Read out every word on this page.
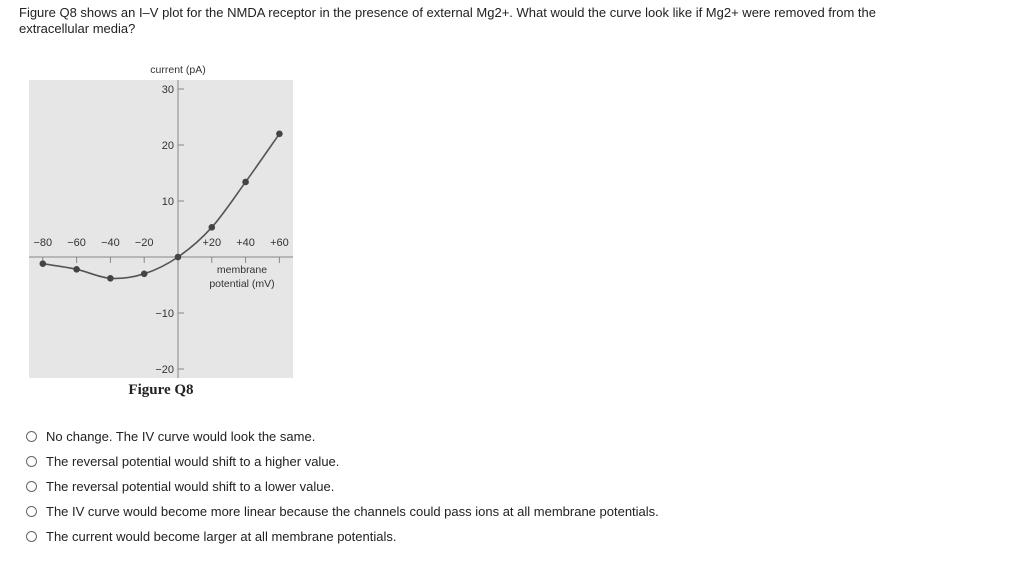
Figure Q8 shows an I–V plot for the NMDA receptor in the presence of external Mg2+. What would the curve look like if Mg2+ were removed from the extracellular media?
30
20
10
−10
−20
−80 −60 −40 −20	+20 +40 +60
current (pA)
membrane
potential (mV)
Figure Q8
No change. The IV curve would look the same.
The reversal potential would shift to a higher value.
The reversal potential would shift to a lower value.
The IV curve would become more linear because the channels could pass ions at all membrane potentials.
The current would become larger at all membrane potentials.
